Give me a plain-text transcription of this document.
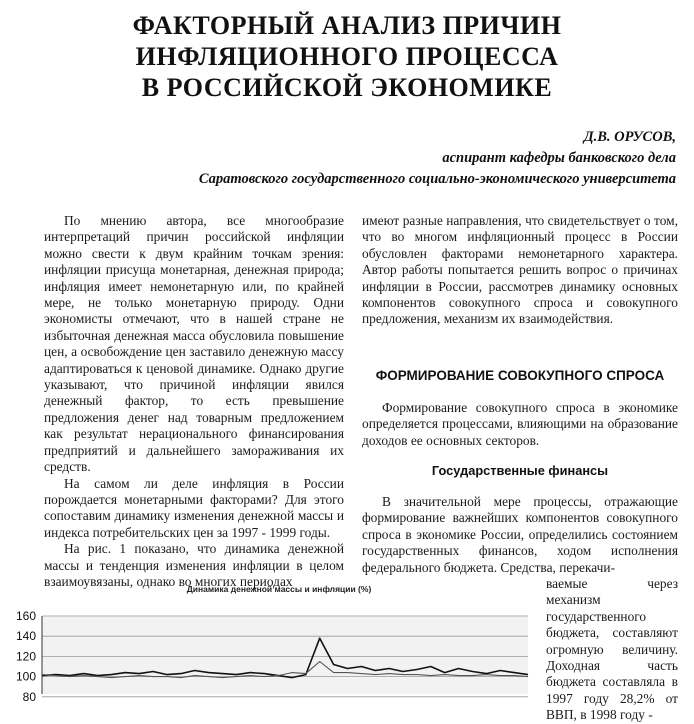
ФАКТОРНЫЙ АНАЛИЗ ПРИЧИН
ИНФЛЯЦИОННОГО ПРОЦЕССА
В РОССИЙСКОЙ ЭКОНОМИКЕ
Д.В. ОРУСОВ,
аспирант кафедры банковского дела
Саратовского государственного социально-экономического университета

По мнению автора, все многообразие интерпретаций причин российской инфляции можно свести к двум крайним точкам зрения: инфляции присуща монетарная, денежная природа; инфляция имеет немонетарную или, по крайней мере, не только монетарную природу. Одни экономисты отмечают, что в нашей стране не избыточная денежная масса обусловила повышение цен, а освобождение цен заставило денежную массу адаптироваться к ценовой динамике. Однако другие указывают, что причиной инфляции явился денежный фактор, то есть превышение предложения денег над товарным предложением как результат нерационального финансирования предприятий и дальнейшего замораживания их средств.

На самом ли деле инфляция в России порождается монетарными факторами? Для этого сопоставим динамику изменения денежной массы и индекса потребительских цен за 1997 - 1999 годы.

На рис. 1 показано, что динамика денежной массы и тенденция изменения инфляции в целом взаимоувязаны, однако во многих периодах

имеют разные направления, что свидетельствует о том, что во многом инфляционный процесс в России обусловлен факторами немонетарного характера. Автор работы попытается решить вопрос о причинах инфляции в России, рассмотрев динамику основных компонентов совокупного спроса и совокупного предложения, механизм их взаимодействия.

ФОРМИРОВАНИЕ СОВОКУПНОГО СПРОСА

Формирование совокупного спроса в экономике определяется процессами, влияющими на образование доходов ее основных секторов.

Государственные финансы

В значительной мере процессы, отражающие формирование важнейших компонентов совокупного спроса в экономике России, определились состоянием государственных финансов, ходом исполнения федерального бюджета. Средства, перекачи-

ваемые через механизм государственного бюджета, составляют огромную величину. Доходная часть бюджета составляла в 1997 году 28,2% от ВВП, в 1998 году -

Динамика денежной массы и инфляции (%)
80
100
120
140
160
